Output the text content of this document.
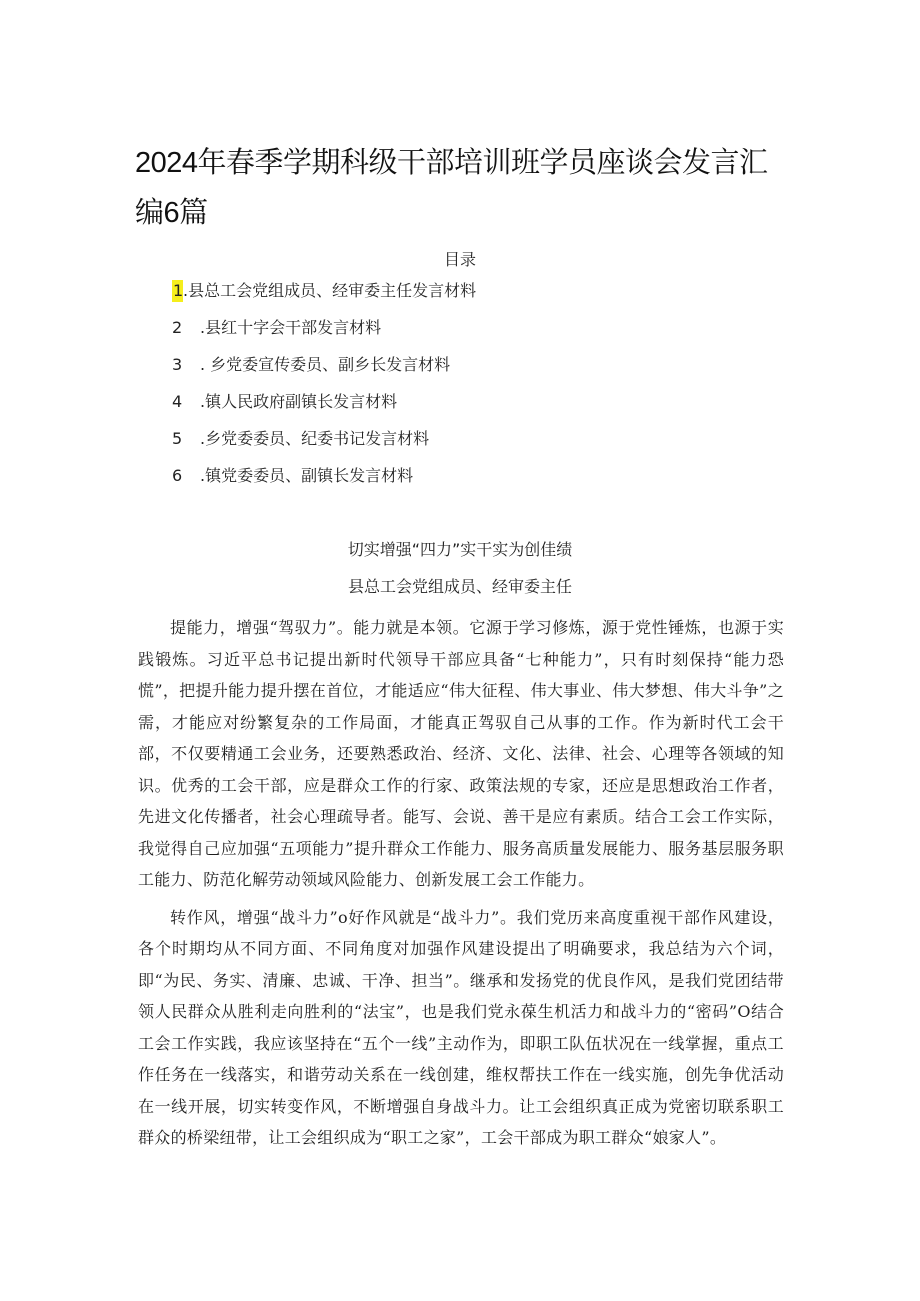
2024年春季学期科级干部培训班学员座谈会发言汇编6篇
目录
1.县总工会党组成员、经审委主任发言材料
2 .县红十字会干部发言材料
3 . 乡党委宣传委员、副乡长发言材料
4 .镇人民政府副镇长发言材料
5 .乡党委委员、纪委书记发言材料
6 .镇党委委员、副镇长发言材料
切实增强“四力”实干实为创佳绩
县总工会党组成员、经审委主任

提能力，增强“驾驭力”。能力就是本领。它源于学习修炼，源于党性锤炼，也源于实践锻炼。习近平总书记提出新时代领导干部应具备“七种能力”，只有时刻保持“能力恐慌”，把提升能力提升摆在首位，才能适应“伟大征程、伟大事业、伟大梦想、伟大斗争”之需，才能应对纷繁复杂的工作局面，才能真正驾驭自己从事的工作。作为新时代工会干部，不仅要精通工会业务，还要熟悉政治、经济、文化、法律、社会、心理等各领域的知识。优秀的工会干部，应是群众工作的行家、政策法规的专家，还应是思想政治工作者，先进文化传播者，社会心理疏导者。能写、会说、善干是应有素质。结合工会工作实际，我觉得自己应加强“五项能力”提升群众工作能力、服务高质量发展能力、服务基层服务职工能力、防范化解劳动领域风险能力、创新发展工会工作能力。

转作风，增强“战斗力”o好作风就是“战斗力”。我们党历来高度重视干部作风建设，各个时期均从不同方面、不同角度对加强作风建设提出了明确要求，我总结为六个词，即“为民、务实、清廉、忠诚、干净、担当”。继承和发扬党的优良作风，是我们党团结带领人民群众从胜利走向胜利的“法宝”，也是我们党永葆生机活力和战斗力的“密码”O结合工会工作实践，我应该坚持在“五个一线”主动作为，即职工队伍状况在一线掌握，重点工作任务在一线落实，和谐劳动关系在一线创建，维权帮扶工作在一线实施，创先争优活动在一线开展，切实转变作风，不断增强自身战斗力。让工会组织真正成为党密切联系职工群众的桥梁纽带，让工会组织成为“职工之家”，工会干部成为职工群众“娘家人”。
